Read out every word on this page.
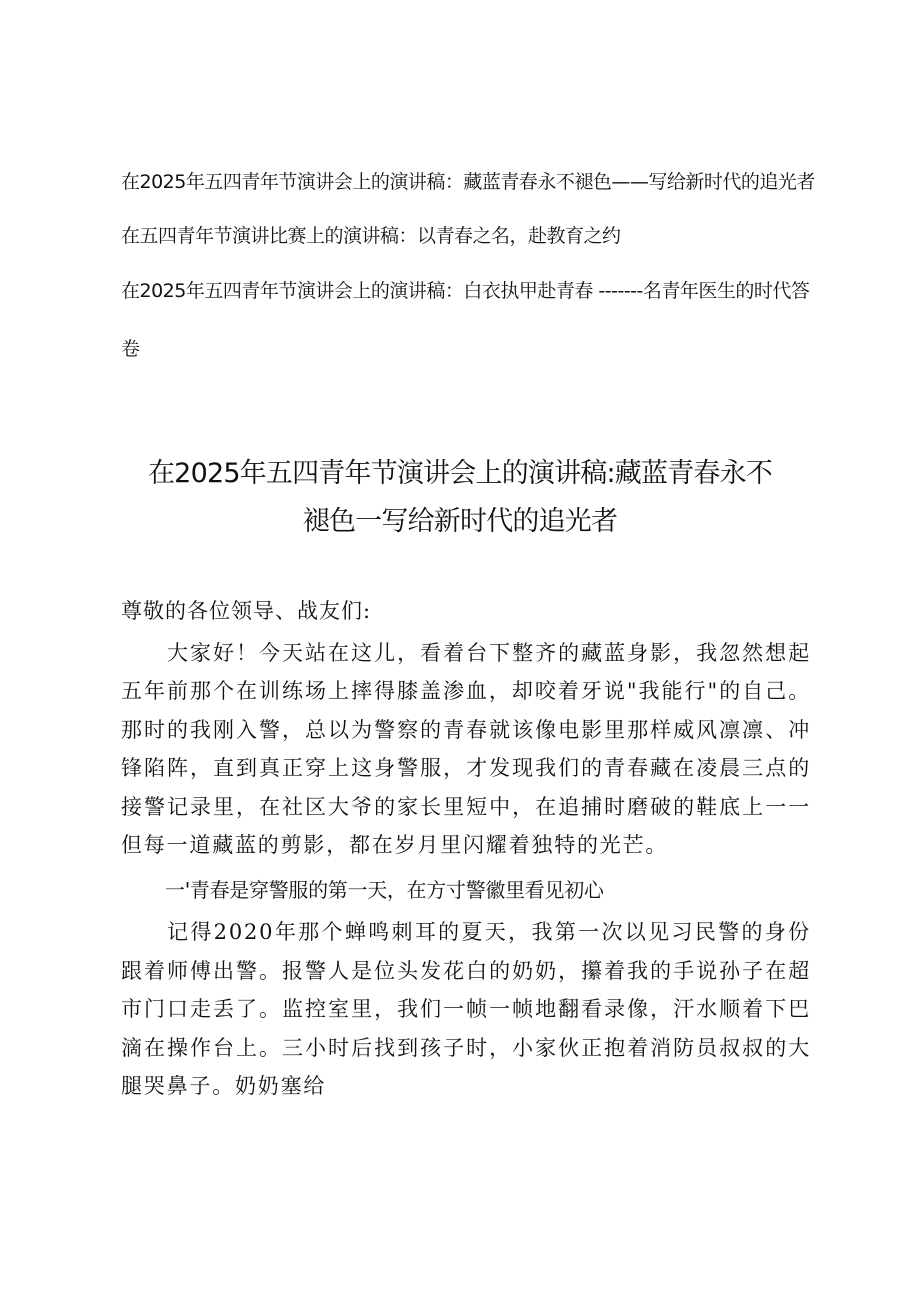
在2025年五四青年节演讲会上的演讲稿：藏蓝青春永不褪色——写给新时代的追光者
在五四青年节演讲比赛上的演讲稿：以青春之名，赴教育之约
在2025年五四青年节演讲会上的演讲稿：白衣执甲赴青春 -------名青年医生的时代答卷
在2025年五四青年节演讲会上的演讲稿:藏蓝青春永不褪色一写给新时代的追光者

尊敬的各位领导、战友们:

大家好！今天站在这儿，看着台下整齐的藏蓝身影，我忽然想起五年前那个在训练场上摔得膝盖渗血，却咬着牙说"我能行"的自己。那时的我刚入警，总以为警察的青春就该像电影里那样威风凛凛、冲锋陷阵，直到真正穿上这身警服，才发现我们的青春藏在凌晨三点的接警记录里，在社区大爷的家长里短中，在追捕时磨破的鞋底上一一但每一道藏蓝的剪影，都在岁月里闪耀着独特的光芒。

一'青春是穿警服的第一天，在方寸警徽里看见初心

记得2020年那个蝉鸣刺耳的夏天，我第一次以见习民警的身份跟着师傅出警。报警人是位头发花白的奶奶，攥着我的手说孙子在超市门口走丢了。监控室里，我们一帧一帧地翻看录像，汗水顺着下巴滴在操作台上。三小时后找到孩子时，小家伙正抱着消防员叔叔的大腿哭鼻子。奶奶塞给
